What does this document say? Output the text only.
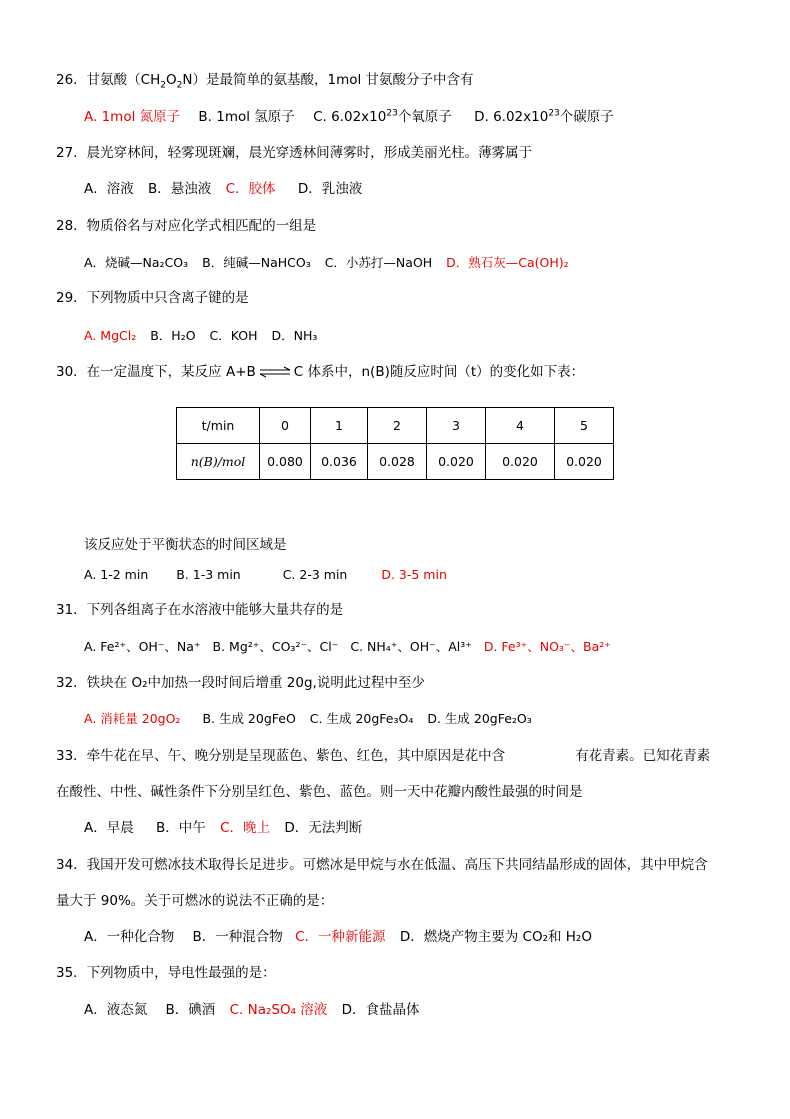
26．甘氨酸$(CH_2O_2N)$是最简单的氨基酸，1mol 甘氨酸分子中含有
A. 1mol 氮原子 B. 1mol 氢原子 C. $6.02x10^{23}$个氧原子 D. $6.02x10^{23}$个碳原子
27．晨光穿林间，轻雾现斑斓，晨光穿透林间薄雾时，形成美丽光柱。薄雾属于
A．溶液 B．悬浊液 C．胶体 D．乳浊液
28．物质俗名与对应化学式相匹配的一组是
A．烧碱—Na₂CO₃ B．纯碱—NaHCO₃ C．小苏打—NaOH D．熟石灰—Ca(OH)₂
29．下列物质中只含离子键的是
A. MgCl₂ B．H₂O C．KOH D．NH₃
30．在一定温度下，某反应 A+B ⇌ C 体系中，n(B)随反应时间（t）的变化如下表：
t/min	0	1	2	3	4	5
n(B)/mol	0.080	0.036	0.028	0.020	0.020	0.020
该反应处于平衡状态的时间区域是
A. 1-2 min B. 1-3 min	C. 2-3 min	D. 3-5 min
31．下列各组离子在水溶液中能够大量共存的是
A. Fe²⁺、OH⁻、Na⁺ B. Mg²⁺、CO₃²⁻、Cl⁻ C. NH₄⁺、OH⁻、Al³⁺ D. Fe³⁺、NO₃⁻、Ba²⁺
32．铁块在 O₂中加热一段时间后增重 20g,说明此过程中至少
A. 消耗量 20gO₂ B. 生成 20gFeO C. 生成 20gFe₃O₄ D. 生成 20gFe₂O₃
33．牵牛花在早、午、晚分别是呈现蓝色、紫色、红色，其中原因是花中含	有花青素。已知花青素
在酸性、中性、碱性条件下分别呈红色、紫色、蓝色。则一天中花瓣内酸性最强的时间是
A．早晨 B．中午 C．晚上 D．无法判断
34．我国开发可燃冰技术取得长足进步。可燃冰是甲烷与水在低温、高压下共同结晶形成的固体，其中甲烷含
量大于 90%。关于可燃冰的说法不正确的是：
A．一种化合物 B．一种混合物 C．一种新能源 D．燃烧产物主要为 CO₂和 H₂O
35．下列物质中，导电性最强的是：
A．液态氮 B．碘酒 C. Na₂SO₄ 溶液 D．食盐晶体
